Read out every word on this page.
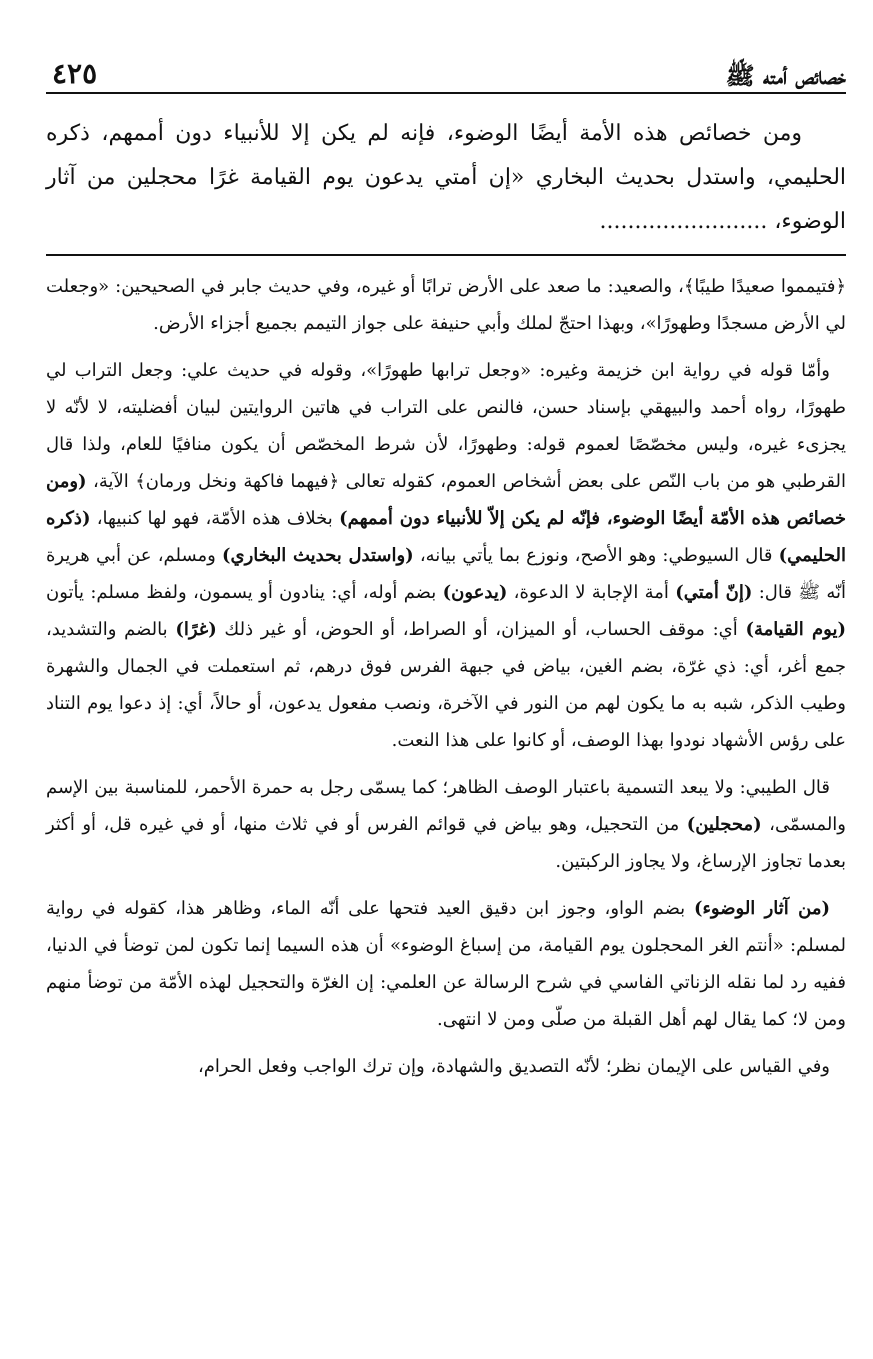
خصائص أمته ﷺ
٤٢٥

ومن خصائص هذه الأمة أيضًا الوضوء، فإنه لم يكن إلا للأنبياء دون أممهم، ذكره الحليمي، واستدل بحديث البخاري «إن أمتي يدعون يوم القيامة غرًا محجلين من آثار الوضوء، ........................

﴿فتيمموا صعيدًا طيبًا﴾، والصعيد: ما صعد على الأرض ترابًا أو غيره، وفي حديث جابر في الصحيحين: «وجعلت لي الأرض مسجدًا وطهورًا»، وبهذا احتجّ لملك وأبي حنيفة على جواز التيمم بجميع أجزاء الأرض.

وأمّا قوله في رواية ابن خزيمة وغيره: «وجعل ترابها طهورًا»، وقوله في حديث علي: وجعل التراب لي طهورًا، رواه أحمد والبيهقي بإسناد حسن، فالنص على التراب في هاتين الروايتين لبيان أفضليته، لا لأنّه لا يجزىء غيره، وليس مخصّصًا لعموم قوله: وطهورًا، لأن شرط المخصّص أن يكون منافيًا للعام، ولذا قال القرطبي هو من باب النّص على بعض أشخاص العموم، كقوله تعالى ﴿فيهما فاكهة ونخل ورمان﴾ الآية، (ومن خصائص هذه الأمّة أيضًا الوضوء، فإنّه لم يكن إلاّ للأنبياء دون أممهم) بخلاف هذه الأمّة، فهو لها كنبيها، (ذكره الحليمي) قال السيوطي: وهو الأصح، ونوزع بما يأتي بيانه، (واستدل بحديث البخاري) ومسلم، عن أبي هريرة أنّه ﷺ قال: (إنّ أمتي) أمة الإجابة لا الدعوة، (يدعون) بضم أوله، أي: ينادون أو يسمون، ولفظ مسلم: يأتون (يوم القيامة) أي: موقف الحساب، أو الميزان، أو الصراط، أو الحوض، أو غير ذلك (غرًا) بالضم والتشديد، جمع أغر، أي: ذي غرّة، بضم الغين، بياض في جبهة الفرس فوق درهم، ثم استعملت في الجمال والشهرة وطيب الذكر، شبه به ما يكون لهم من النور في الآخرة، ونصب مفعول يدعون، أو حالاً، أي: إذ دعوا يوم التناد على رؤس الأشهاد نودوا بهذا الوصف، أو كانوا على هذا النعت.

قال الطيبي: ولا يبعد التسمية باعتبار الوصف الظاهر؛ كما يسمّى رجل به حمرة الأحمر، للمناسبة بين الإسم والمسمّى، (محجلين) من التحجيل، وهو بياض في قوائم الفرس أو في ثلاث منها، أو في غيره قل، أو أكثر بعدما تجاوز الإرساغ، ولا يجاوز الركبتين.

(من آثار الوضوء) بضم الواو، وجوز ابن دقيق العيد فتحها على أنّه الماء، وظاهر هذا، كقوله في رواية لمسلم: «أنتم الغر المحجلون يوم القيامة، من إسباغ الوضوء» أن هذه السيما إنما تكون لمن توضأ في الدنيا، ففيه رد لما نقله الزناتي الفاسي في شرح الرسالة عن العلمي: إن الغرّة والتحجيل لهذه الأمّة من توضأ منهم ومن لا؛ كما يقال لهم أهل القبلة من صلّى ومن لا انتهى.

وفي القياس على الإيمان نظر؛ لأنّه التصديق والشهادة، وإن ترك الواجب وفعل الحرام،
